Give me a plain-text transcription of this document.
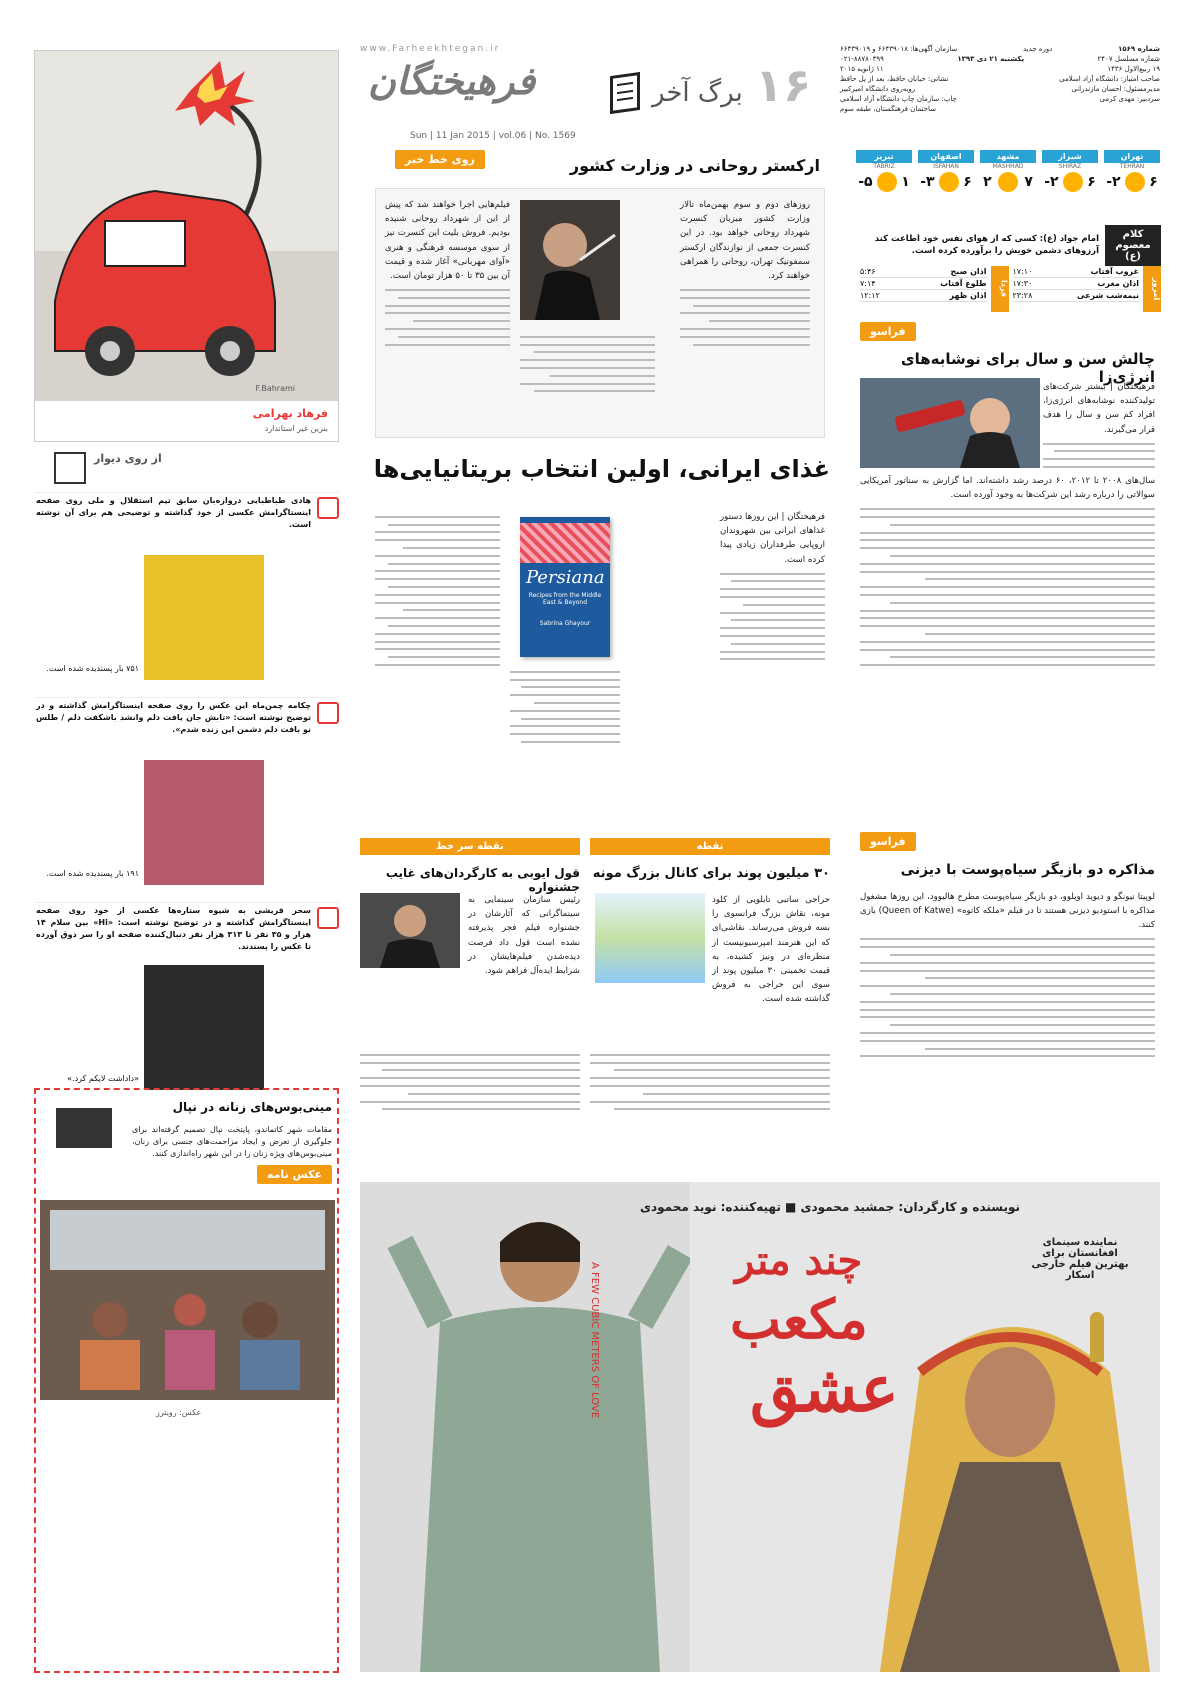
www.Farheekhtegan.ir
فرهیختگان
Sun | 11 Jan 2015 | vol.06 | No. 1569
برگ آخر ۱۶
شماره ۱۵۶۹
دوره جدید
سازمان آگهی‌ها: ۶۶۴۳۹۰۱۸ و ۶۶۴۳۹۰۱۹
شماره مسلسل ۲۴۰۷
یکشنبه ۲۱ دی ۱۳۹۳
۰۲۱-۸۸۷۸۰۳۹۹
۱۹ ربیع‌الاول ۱۴۳۶
۱۱ ژانویه ۲۰۱۵
صاحب امتیاز: دانشگاه آزاد اسلامی
نشانی: خیابان حافظ، بعد از پل حافظ
مدیرمسئول: احسان مازندرانی
روبه‌روی دانشگاه امیرکبیر
سردبیر: مهدی کرمی
چاپ: سازمان چاپ دانشگاه آزاد اسلامی
ساختمان فرهنگستان، طبقه سوم
تهران
TEHRAN
۶
۲-
شیراز
SHIRAZ
۶
۲-
مشهد
MASHHAD
۷
۲
اصفهان
ISFAHAN
۶
۳-
تبریز
TABRIZ
۱
۵-
کلام معصوم (ع)
امام جواد (ع): کسی که از هوای نفس خود اطاعت کند آرزوهای دشمن خویش را برآورده کرده است.
امروز
غروب آفتاب
۱۷:۱۰
اذان مغرب
۱۷:۳۰
نیمه‌شب شرعی
۲۳:۲۸
فردا
اذان صبح
۵:۴۶
طلوع آفتاب
۷:۱۴
اذان ظهر
۱۲:۱۲
F.Bahrami
فرهاد بهرامی
بنزین غیر استاندارد
روی خط خبر	ارکستر روحانی در وزارت کشور
روزهای دوم و سوم بهمن‌ماه تالار وزارت کشور میزبان کنسرت شهرداد روحانی خواهد بود. در این کنسرت جمعی از نوازندگان ارکستر سمفونیک تهران، روحانی را همراهی خواهند کرد.
فیلم‌هایی اجرا خواهند شد که پیش از این از شهرداد روحانی شنیده بودیم. فروش بلیت این کنسرت نیز از سوی موسسه فرهنگی و هنری «آوای مهربانی» آغاز شده و قیمت آن بین ۳۵ تا ۵۰ هزار تومان است.
فراسو
چالش سن و سال برای نوشابه‌های انرژی‌زا
فرهیختگان | بیشتر شرکت‌های تولیدکننده نوشابه‌های انرژی‌زا، افراد کم سن و سال را هدف قرار می‌گیرند.
سال‌های ۲۰۰۸ تا ۲۰۱۲، ۶۰ درصد رشد داشته‌اند. اما گزارش به سناتور آمریکایی سوالاتی را درباره رشد این شرکت‌ها به وجود آورده است.
غذای ایرانی، اولین انتخاب بریتانیایی‌ها
فرهیختگان | این روزها دستور غذاهای ایرانی بین شهروندان اروپایی طرفداران زیادی پیدا کرده است.
Persiana
Recipes from the Middle East & Beyond
Sabrina Ghayour
از روی دیوار
هادی طباطبایی دروازه‌بان سابق تیم استقلال و ملی روی صفحه اینستاگرامش عکسی از خود گذاشته و توضیحی هم برای آن نوشته است.
۷۵۱ بار پسندیده شده است.
چکامه چمن‌ماه این عکس را روی صفحه اینستاگرامش گذاشته و در توضیح نوشته است: «تابش جان یافت دلم وانشد باشکفت دلم / طلس نو بافت دلم دشمن این زنده شدم».
۱۹۱ بار پسندیده شده است.
سحر قریشی به شیوه ستاره‌ها عکسی از خود روی صفحه اینستاگرامش گذاشته و در توضیح نوشته است: «Hi» بین سلام ۱۴ هزار و ۳۵ نفر تا ۳۱۳ هزار نفر دنبال‌کننده صفحه او را سر ذوق آورده تا عکس را پسندند.
«داداشت لایکم کرد.»
نقطه
۳۰ میلیون پوند برای کانال بزرگ مونه
حراجی ساتبی تابلویی از کلود مونه، نقاش بزرگ فرانسوی را بسه فروش می‌رساند. نقاشی‌ای که این هنرمند امپرسیونیست از منظره‌ای در ونیز کشیده، به قیمت تخمینی ۳۰ میلیون پوند از سوی این حراجی به فروش گذاشته شده است.
نقطه سر خط
قول ایوبی به کارگردان‌های غایب جشنواره
رئیس سازمان سینمایی به سینماگرانی که آثارشان در جشنواره فیلم فجر پذیرفته نشده است قول داد فرصت دیده‌شدن فیلم‌هایشان در شرایط ایده‌آل فراهم شود.
فراسو
مذاکره دو بازیگر سیاه‌پوست با دیزنی
لوپیتا نیونگو و دیوید اویلوو، دو بازیگر سیاه‌پوست مطرح هالیوود، این روزها مشغول مذاکره با استودیو دیزنی هستند تا در فیلم «ملکه کاتوه» (Queen of Katwe) بازی کنند.
عکس‌ نامه
مینی‌بوس‌های زنانه در نپال
مقامات شهر کاتماندو، پایتخت نپال تصمیم گرفته‌اند برای جلوگیری از تعرض و ایجاد مزاحمت‌های جنسی برای زنان، مینی‌بوس‌های ویژه زنان را در این شهر راه‌اندازی کنند.
عکس: رویترز
چند متر
مکعب
عشق
A FEW CUBIC METERS OF LOVE
نویسنده و کارگردان: جمشید محمودی ■ تهیه‌کننده: نوید محمودی
نماینده سینمای افغانستان برای بهترین فیلم خارجی اسکار
